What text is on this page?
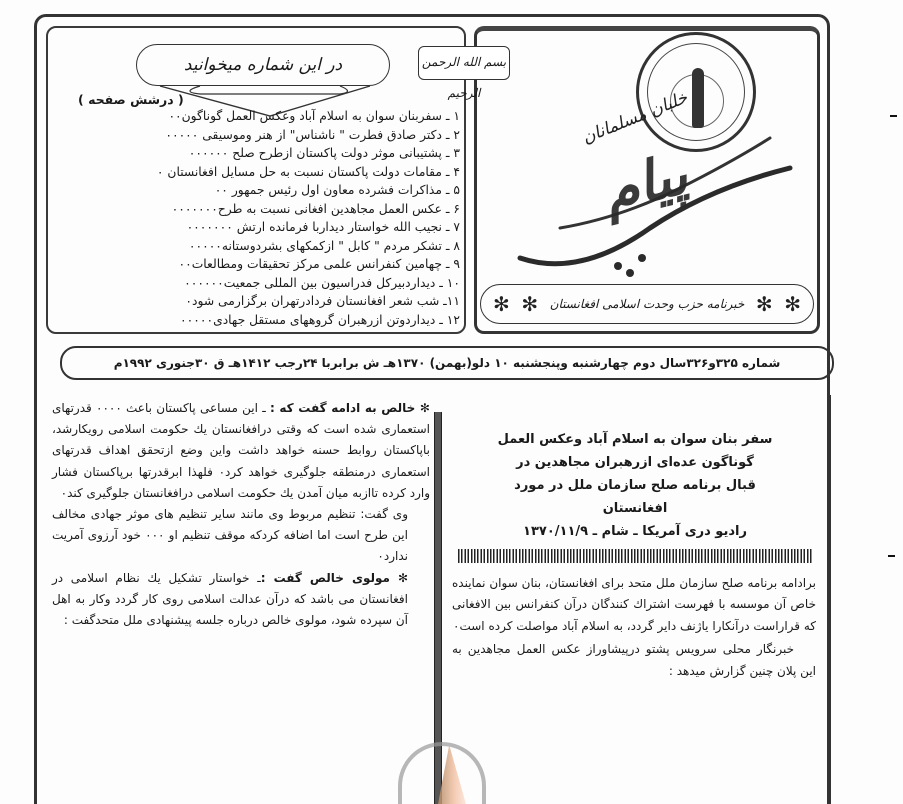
در این شماره میخوانید
( درشش صفحه )
۱ ـ سفربنان سوان به اسلام آباد وعکس العمل گوناگون۰۰
۲ ـ دکتر صادق فطرت " ناشناس" از هنر وموسیقی ۰۰۰۰۰
۳ ـ پشتیبانی موثر دولت پاکستان ازطرح صلح ۰۰۰۰۰۰
۴ ـ مقامات دولت پاکستان نسبت به حل مسایل افغانستان ۰
۵ ـ مذاکرات فشرده معاون اول رئیس جمهور ۰۰
۶ ـ عکس العمل مجاهدین افغانی نسبت به طرح۰۰۰۰۰۰۰
۷ ـ نجیب الله خواستار دیداربا فرمانده ارتش ۰۰۰۰۰۰۰
۸ ـ تشکر مردم " کابل " ازکمکهای بشردوستانه۰۰۰۰۰
۹ ـ چهامین کنفرانس علمی مرکز تحقیقات ومطالعات۰۰
۱۰ ـ دیداردبیرکل فدراسیون بین المللی جمعیت۰۰۰۰۰۰
۱۱ـ شب شعر افغانستان فردادرتهران برگزارمی شود۰
۱۲ ـ دیداردوتن ازرهبران گروههای مستقل جهادی۰۰۰۰۰
بسم الله الرحمن الرحيم	خلبان مسلمانان
پیام
✻
✻
خبرنامه حزب وحدت اسلامی افغانستان
✻
✻
شماره ۳۲۵و۳۲۶سال دوم چهارشنبه وپنجشنبه ۱۰ دلو(بهمن) ۱۳۷۰هـ ش برابربا ۲۴رجب ۱۴۱۲هـ ق ۳۰جنوری ۱۹۹۲م

✻ خالص به ادامه گفت که : ـ این مساعی پاکستان باعث ۰۰۰۰ قدرتهای استعماری شده است که وقتی درافغانستان یك حکومت اسلامی رویکارشد، باپاکستان روابط حسنه خواهد داشت واین وضع ازتحقق اهداف قدرتهای استعماری درمنطقه جلوگیری خواهد کرد۰ فلهذا ابرقدرتها برپاکستان فشار وارد کرده تاازبه میان آمدن یك حکومت اسلامی درافغانستان جلوگیری کند۰

وی گفت: تنظیم مربوط وی مانند سایر تنظیم های موثر جهادی مخالف این طرح است اما اضافه کردکه موقف تنظیم او ۰۰۰ خود آرزوی آمریت ندارد۰

✻ مولوی خالص گفت :ـ خواستار تشکیل یك نظام اسلامی در افغانستان می باشد که درآن عدالت اسلامی روی کار گردد وکار به اهل آن سپرده شود، مولوی خالص درباره جلسه پیشنهادی ملل متحدگفت :

سفر بنان سوان به اسلام آباد وعکس العمل
گوناگون عده‌ای ازرهبران مجاهدین در
قبال برنامه صلح سازمان ملل در مورد
افغانستان
رادیو دری آمریکا ـ شام ـ ۱۳۷۰/۱۱/۹

برادامه برنامه صلح سازمان ملل متحد برای افغانستان، بنان سوان نماینده خاص آن موسسه با فهرست اشتراك کنندگان درآن کنفرانس بین الافغانی که قراراست درآنکارا یاژنف دایر گردد، به اسلام آباد مواصلت کرده است۰

خبرنگار محلی سرویس پشتو درپیشاوراز عکس العمل مجاهدین به این پلان چنین گزارش میدهد :
